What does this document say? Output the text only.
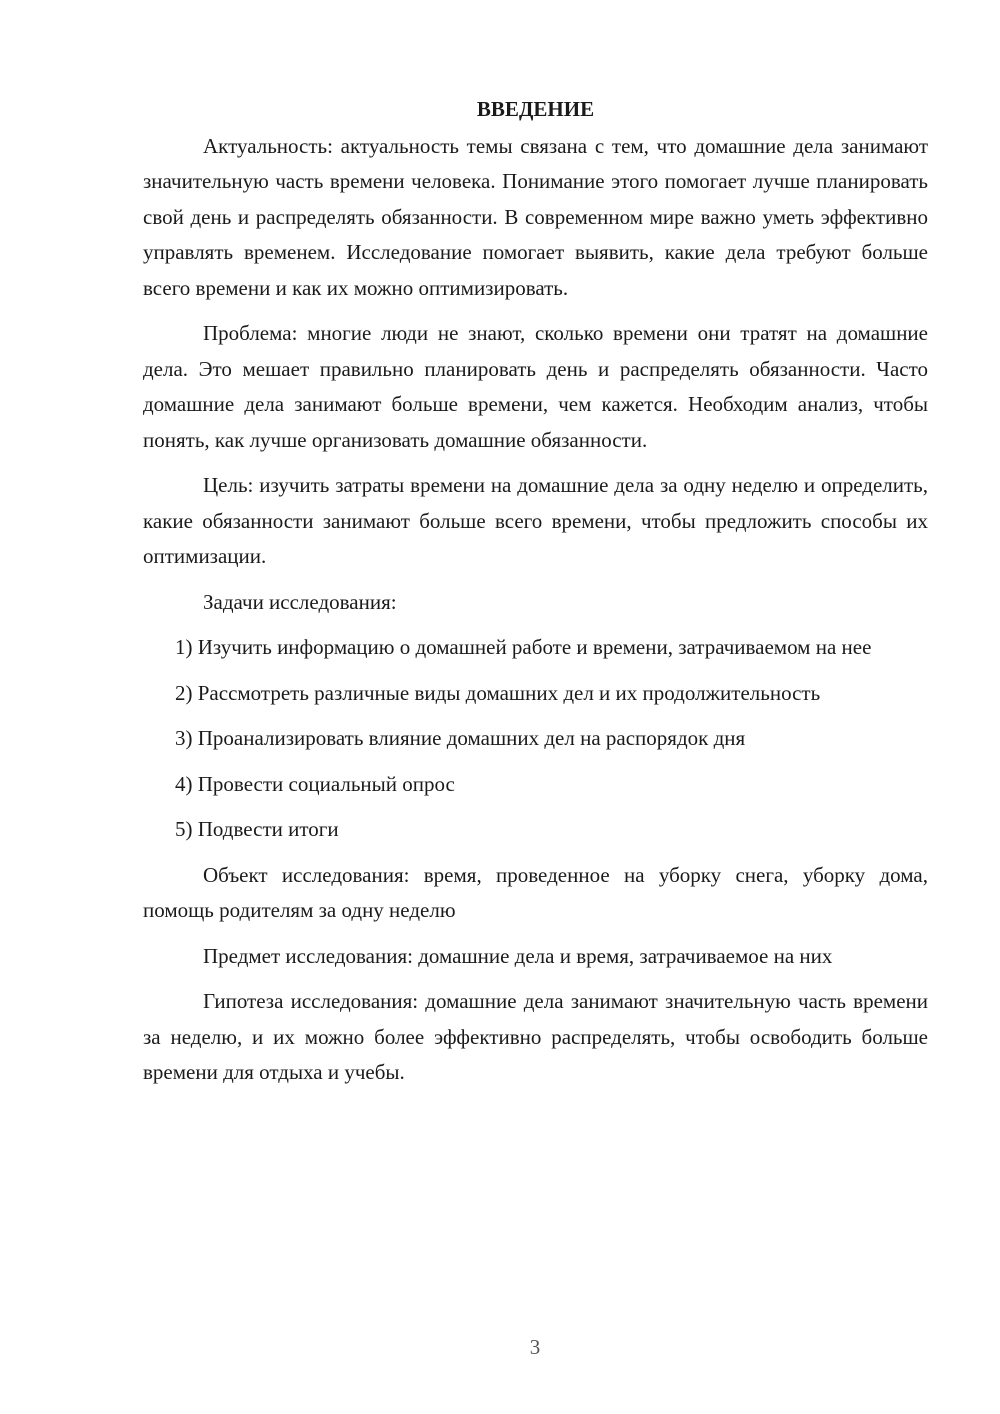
ВВЕДЕНИЕ

Актуальность: актуальность темы связана с тем, что домашние дела занимают значительную часть времени человека. Понимание этого помогает лучше планировать свой день и распределять обязанности. В современном мире важно уметь эффективно управлять временем. Исследование помогает выявить, какие дела требуют больше всего времени и как их можно оптимизировать.

Проблема: многие люди не знают, сколько времени они тратят на домашние дела. Это мешает правильно планировать день и распределять обязанности. Часто домашние дела занимают больше времени, чем кажется. Необходим анализ, чтобы понять, как лучше организовать домашние обязанности.

Цель: изучить затраты времени на домашние дела за одну неделю и определить, какие обязанности занимают больше всего времени, чтобы предложить способы их оптимизации.

Задачи исследования:

1) Изучить информацию о домашней работе и времени, затрачиваемом на нее

2) Рассмотреть различные виды домашних дел и их продолжительность

3) Проанализировать влияние домашних дел на распорядок дня

4) Провести социальный опрос

5) Подвести итоги

Объект исследования: время, проведенное на уборку снега, уборку дома, помощь родителям за одну неделю

Предмет исследования: домашние дела и время, затрачиваемое на них

Гипотеза исследования: домашние дела занимают значительную часть времени за неделю, и их можно более эффективно распределять, чтобы освободить больше времени для отдыха и учебы.

3
